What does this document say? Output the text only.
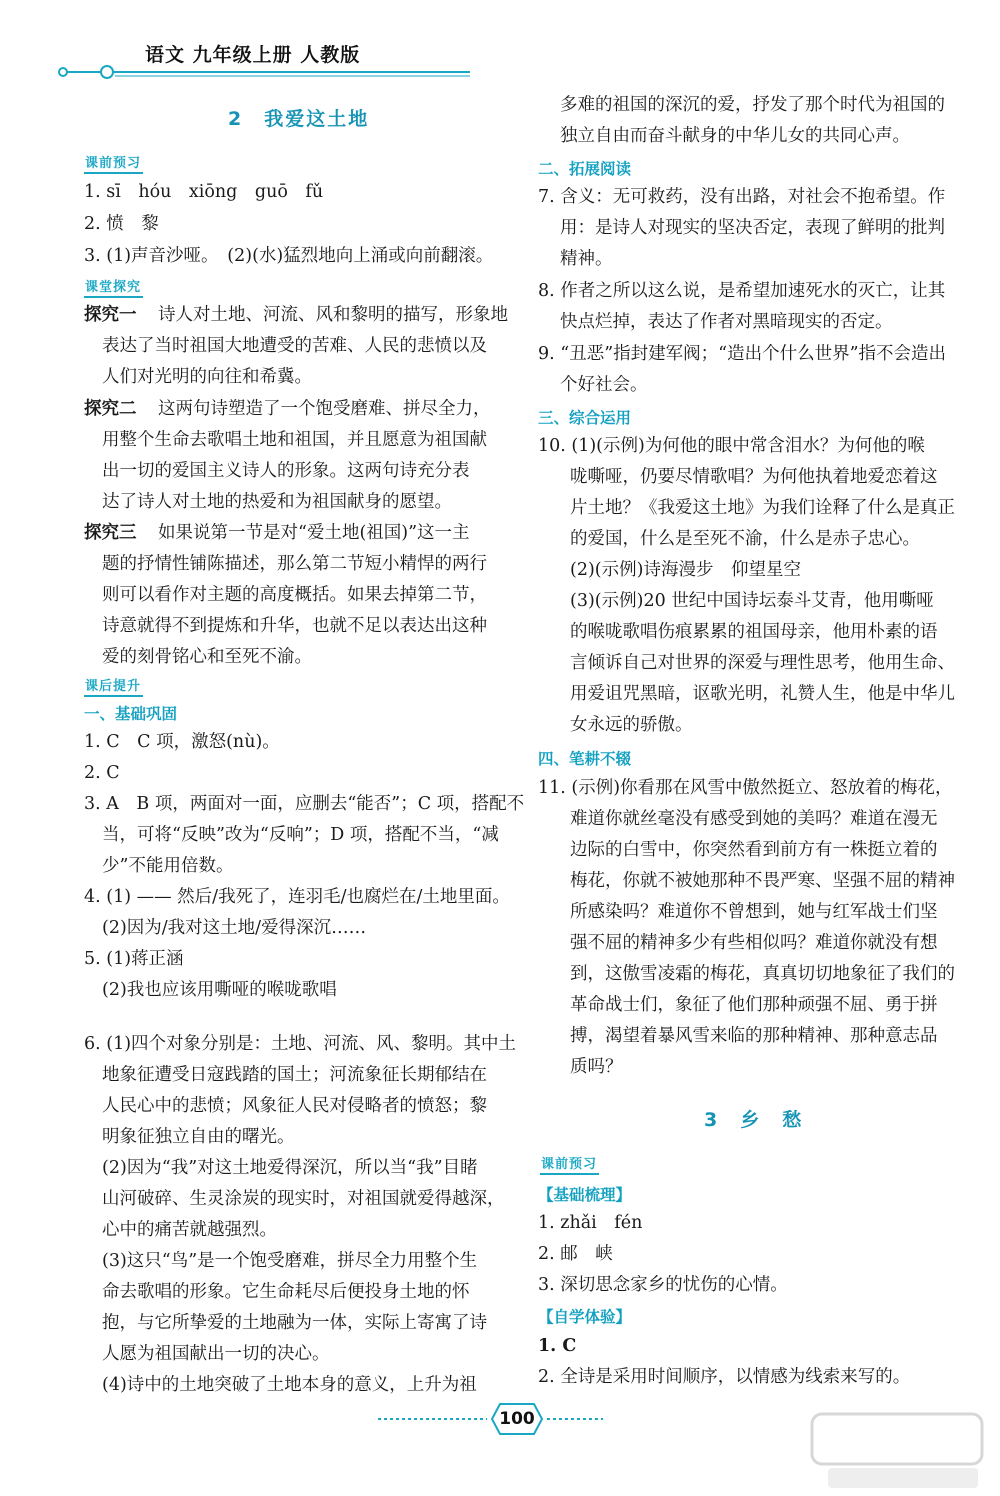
语文 九年级上册 人教版
2　我爱这土地
课前预习
1. sī　hóu　xiōng　guō　fǔ
2. 愤　黎
3. (1)声音沙哑。　(2)(水)猛烈地向上涌或向前翻滚。
课堂探究
探究一 诗人对土地、河流、风和黎明的描写，形象地
表达了当时祖国大地遭受的苦难、人民的悲愤以及
人们对光明的向往和希冀。
探究二 这两句诗塑造了一个饱受磨难、拼尽全力，
用整个生命去歌唱土地和祖国，并且愿意为祖国献
出一切的爱国主义诗人的形象。这两句诗充分表
达了诗人对土地的热爱和为祖国献身的愿望。
探究三 如果说第一节是对“爱土地(祖国)”这一主
题的抒情性铺陈描述，那么第二节短小精悍的两行
则可以看作对主题的高度概括。如果去掉第二节，
诗意就得不到提炼和升华，也就不足以表达出这种
爱的刻骨铭心和至死不渝。
课后提升
一、基础巩固
1. C　C 项，激怒(nù)。
2. C
3. A　B 项，两面对一面，应删去“能否”；C 项，搭配不
当，可将“反映”改为“反响”；D 项，搭配不当，“减
少”不能用倍数。
4. (1) —— 然后/我死了，连羽毛/也腐烂在/土地里面。
(2)因为/我对这土地/爱得深沉……
5. (1)蒋正涵
(2)我也应该用嘶哑的喉咙歌唱
6. (1)四个对象分别是：土地、河流、风、黎明。其中土
地象征遭受日寇践踏的国土；河流象征长期郁结在
人民心中的悲愤；风象征人民对侵略者的愤怒；黎
明象征独立自由的曙光。
(2)因为“我”对这土地爱得深沉，所以当“我”目睹
山河破碎、生灵涂炭的现实时，对祖国就爱得越深，
心中的痛苦就越强烈。
(3)这只“鸟”是一个饱受磨难，拼尽全力用整个生
命去歌唱的形象。它生命耗尽后便投身土地的怀
抱，与它所挚爱的土地融为一体，实际上寄寓了诗
人愿为祖国献出一切的决心。
(4)诗中的土地突破了土地本身的意义，上升为祖
多难的祖国的深沉的爱，抒发了那个时代为祖国的
独立自由而奋斗献身的中华儿女的共同心声。
二、拓展阅读
7. 含义：无可救药，没有出路，对社会不抱希望。作
用：是诗人对现实的坚决否定，表现了鲜明的批判
精神。
8. 作者之所以这么说，是希望加速死水的灭亡，让其
快点烂掉，表达了作者对黑暗现实的否定。
9. “丑恶”指封建军阀；“造出个什么世界”指不会造出
个好社会。
三、综合运用
10. (1)(示例)为何他的眼中常含泪水？为何他的喉
咙嘶哑，仍要尽情歌唱？为何他执着地爱恋着这
片土地？《我爱这土地》为我们诠释了什么是真正
的爱国，什么是至死不渝，什么是赤子忠心。
(2)(示例)诗海漫步　仰望星空
(3)(示例)20 世纪中国诗坛泰斗艾青，他用嘶哑
的喉咙歌唱伤痕累累的祖国母亲，他用朴素的语
言倾诉自己对世界的深爱与理性思考，他用生命、
用爱诅咒黑暗，讴歌光明，礼赞人生，他是中华儿
女永远的骄傲。
四、笔耕不辍
11. (示例)你看那在风雪中傲然挺立、怒放着的梅花，
难道你就丝毫没有感受到她的美吗？难道在漫无
边际的白雪中，你突然看到前方有一株挺立着的
梅花，你就不被她那种不畏严寒、坚强不屈的精神
所感染吗？难道你不曾想到，她与红军战士们坚
强不屈的精神多少有些相似吗？难道你就没有想
到，这傲雪凌霜的梅花，真真切切地象征了我们的
革命战士们，象征了他们那种顽强不屈、勇于拼
搏，渴望着暴风雪来临的那种精神、那种意志品
质吗？
3　乡　愁
课前预习
【基础梳理】
1. zhǎi　fén
2. 邮　峡
3. 深切思念家乡的忧伤的心情。
【自学体验】
1. C
2. 全诗是采用时间顺序，以情感为线索来写的。
100
